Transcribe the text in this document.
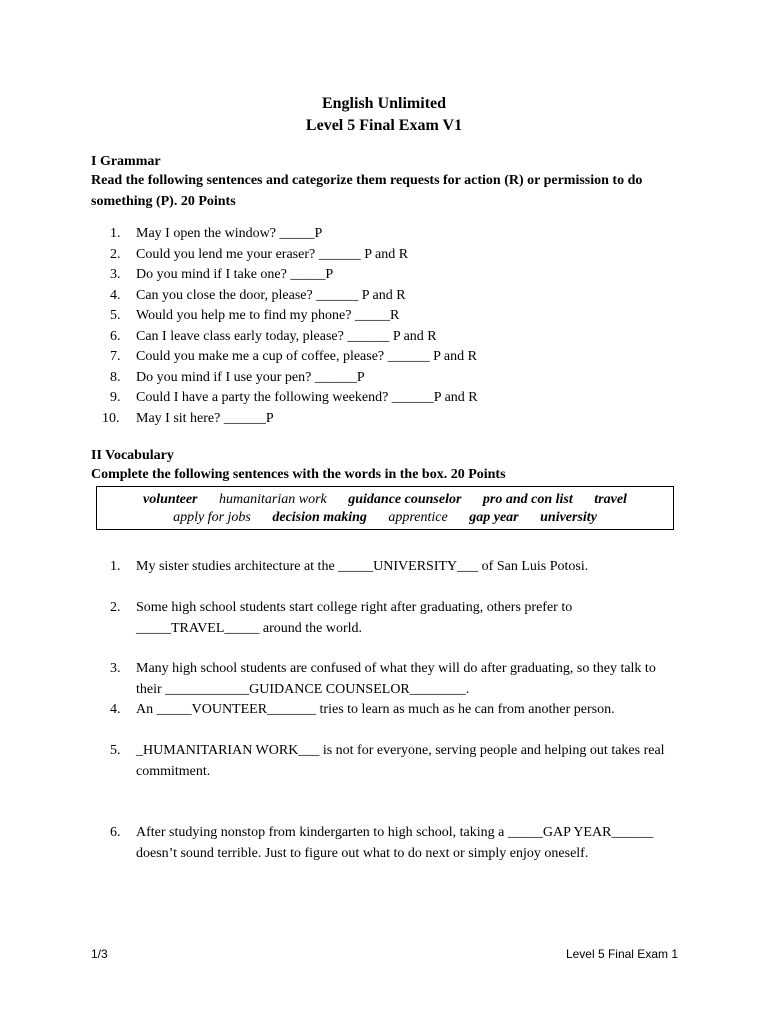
English Unlimited
Level 5 Final Exam V1
I Grammar
Read the following sentences and categorize them requests for action (R) or permission to do something (P). 20 Points
1. May I open the window? _____P
2. Could you lend me your eraser? ______ P and R
3. Do you mind if I take one? _____P
4. Can you close the door, please? ______ P and R
5. Would you help me to find my phone? _____R
6. Can I leave class early today, please? ______ P and R
7. Could you make me a cup of coffee, please? ______ P and R
8. Do you mind if I use your pen? ______P
9. Could I have a party the following weekend? ______P and R
10. May I sit here? ______P
II Vocabulary
Complete the following sentences with the words in the box. 20 Points
volunteer humanitarian work guidance counselor pro and con list travel
apply for jobs decision making apprentice gap year university
1. My sister studies architecture at the _____UNIVERSITY___ of San Luis Potosi.
2. Some high school students start college right after graduating, others prefer to _____TRAVEL_____ around the world.
3. Many high school students are confused of what they will do after graduating, so they talk to their ____________GUIDANCE COUNSELOR________.
4. An _____VOUNTEER_______ tries to learn as much as he can from another person.
5. _HUMANITARIAN WORK___ is not for everyone, serving people and helping out takes real commitment.
6. After studying nonstop from kindergarten to high school, taking a _____GAP YEAR______ doesn’t sound terrible. Just to figure out what to do next or simply enjoy oneself.
1/3	Level 5 Final Exam 1
